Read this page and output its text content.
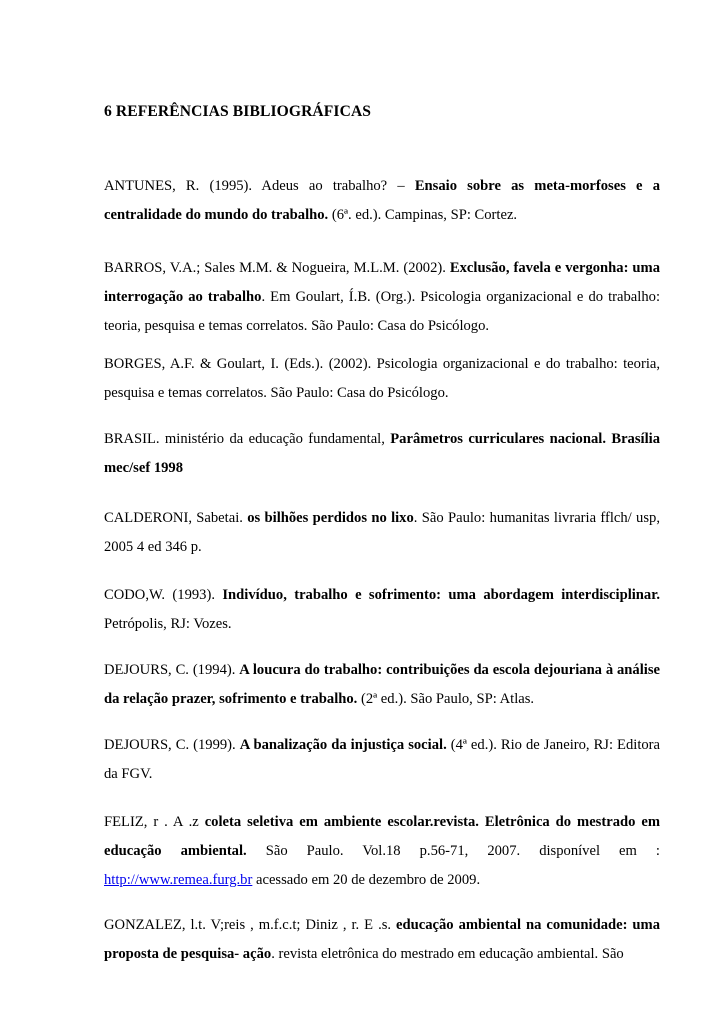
6 REFERÊNCIAS BIBLIOGRÁFICAS

ANTUNES, R. (1995). Adeus ao trabalho? – Ensaio sobre as meta-morfoses e a centralidade do mundo do trabalho. (6ª. ed.). Campinas, SP: Cortez.

BARROS, V.A.; Sales M.M. & Nogueira, M.L.M. (2002). Exclusão, favela e vergonha: uma interrogação ao trabalho. Em Goulart, Í.B. (Org.). Psicologia organizacional e do trabalho: teoria, pesquisa e temas correlatos. São Paulo: Casa do Psicólogo.

BORGES, A.F. & Goulart, I. (Eds.). (2002). Psicologia organizacional e do trabalho: teoria, pesquisa e temas correlatos. São Paulo: Casa do Psicólogo.

BRASIL. ministério da educação fundamental, Parâmetros curriculares nacional. Brasília mec/sef 1998

CALDERONI, Sabetai. os bilhões perdidos no lixo. São Paulo: humanitas livraria fflch/ usp, 2005 4 ed 346 p.

CODO,W. (1993). Indivíduo, trabalho e sofrimento: uma abordagem interdisciplinar. Petrópolis, RJ: Vozes.

DEJOURS, C. (1994). A loucura do trabalho: contribuições da escola dejouriana à análise da relação prazer, sofrimento e trabalho. (2ª ed.). São Paulo, SP: Atlas.

DEJOURS, C. (1999). A banalização da injustiça social. (4ª ed.). Rio de Janeiro, RJ: Editora da FGV.

FELIZ, r . A .z coleta seletiva em ambiente escolar.revista. Eletrônica do mestrado em educação ambiental. São Paulo. Vol.18 p.56-71, 2007. disponível em : http://www.remea.furg.br acessado em 20 de dezembro de 2009.

GONZALEZ, l.t. V;reis , m.f.c.t; Diniz , r. E .s. educação ambiental na comunidade: uma proposta de pesquisa- ação. revista eletrônica do mestrado em educação ambiental. São
